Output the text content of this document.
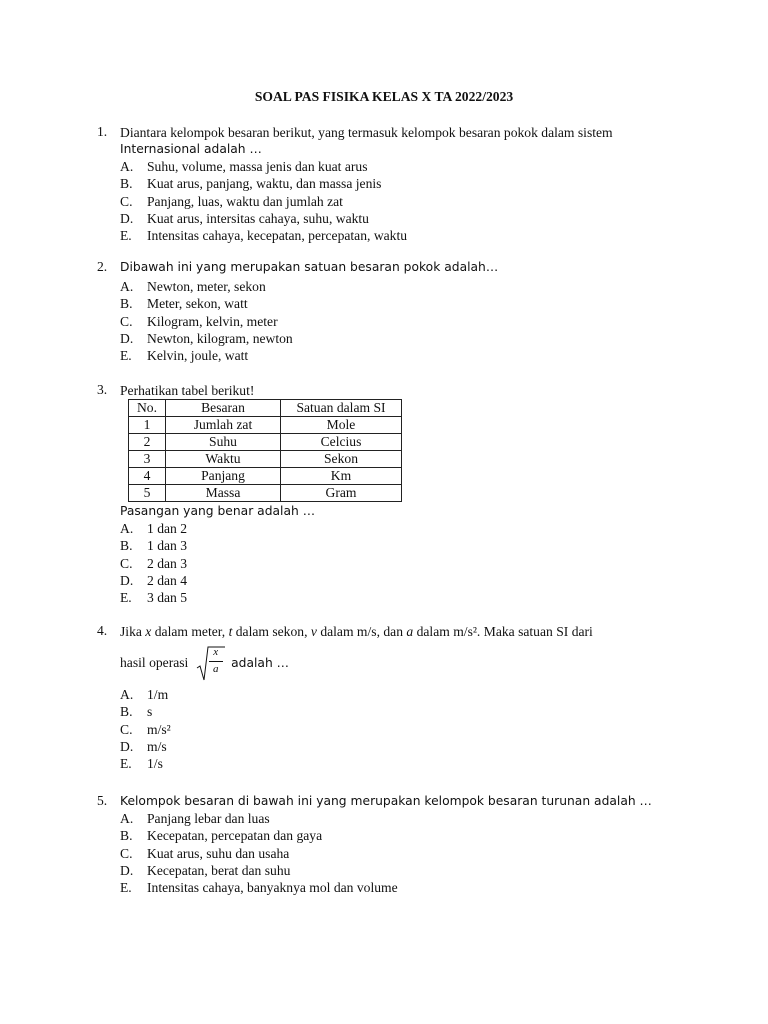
SOAL PAS FISIKA KELAS X TA 2022/2023
1. Diantara kelompok besaran berikut, yang termasuk kelompok besaran pokok dalam sistem
Internasional adalah …
A. Suhu, volume, massa jenis dan kuat arus
B. Kuat arus, panjang, waktu, dan massa jenis
C. Panjang, luas, waktu dan jumlah zat
D. Kuat arus, intersitas cahaya, suhu, waktu
E. Intensitas cahaya, kecepatan, percepatan, waktu
2.	Dibawah ini yang merupakan satuan besaran pokok adalah…
A. Newton, meter, sekon
B. Meter, sekon, watt
C. Kilogram, kelvin, meter
D. Newton, kilogram, newton
E. Kelvin, joule, watt
3. Perhatikan tabel berikut!
No.	Besaran	Satuan dalam SI
1	Jumlah zat	Mole
2	Suhu	Celcius
3	Waktu	Sekon
4	Panjang	Km
5	Massa	Gram
Pasangan yang benar adalah …
A. 1 dan 2
B. 1 dan 3
C. 2 dan 3
D. 2 dan 4
E. 3 dan 5
4. Jika x dalam meter, t dalam sekon, v dalam m/s, dan a dalam m/s². Maka satuan SI dari
hasil operasi
x
a	adalah …
A. 1/m
B. s
C. m/s²
D. m/s
E. 1/s
5.	Kelompok besaran di bawah ini yang merupakan kelompok besaran turunan adalah …
A. Panjang lebar dan luas
B. Kecepatan, percepatan dan gaya
C. Kuat arus, suhu dan usaha
D. Kecepatan, berat dan suhu
E. Intensitas cahaya, banyaknya mol dan volume
